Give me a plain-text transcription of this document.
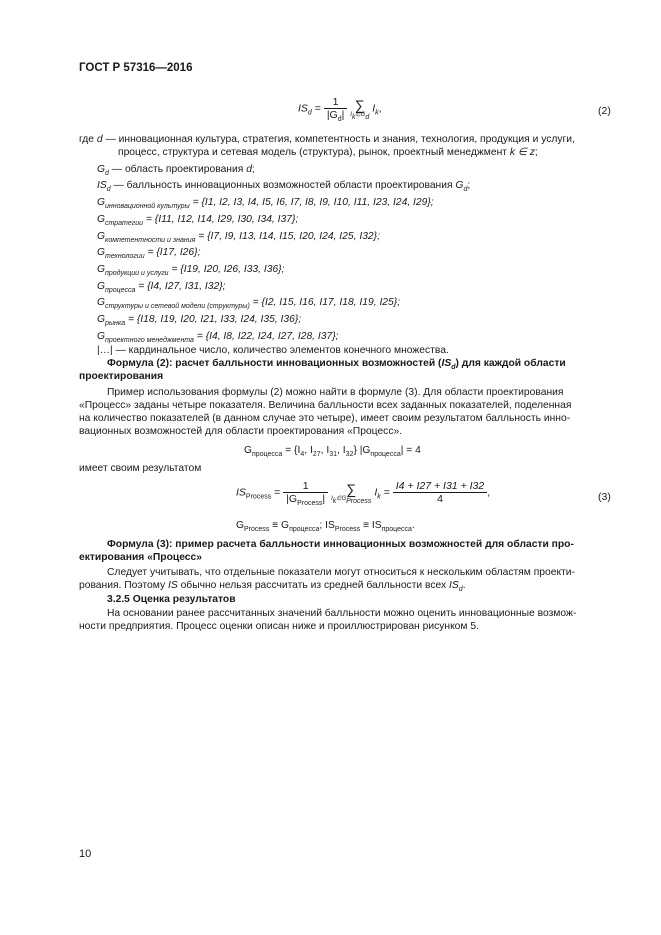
ГОСТ Р 57316—2016
$IS_d = \frac{1}{|G_d|}$ ∑
$I_k\in G_d$
$I_k$,	(2)
где d — инновационная культура, стратегия, компетентность и знания, технология, продукция и услуги,
процесс, структура и сетевая модель (структура), рынок, проектный менеджмент k ∈ z;
$G_d$ — область проектирования d;
$IS_d$ — балльность инновационных возможностей области проектирования $G_d$;
$G_{инновационной культуры} = \{I1$, I2, I3, I4, I5, I6, I7, I8, I9, I10, I11, I23, I24, I29};
$G_{стратегии} = \{I11$, I12, I14, I29, I30, I34, I37};
$G_{компетентности и знания} = \{I7$, I9, I13, I14, I15, I20, I24, I25, I32};
$G_{технологии} = \{I17$, I26};
$G_{продукции и услуги} = \{I19$, I20, I26, I33, I36};
$G_{процесса} = \{I4$, I27, I31, I32};
$G_{структуры и сетевой модели (структуры)} = \{I2$, I15, I16, I17, I18, I19, I25};
$G_{рынка} = \{I18$, I19, I20, I21, I33, I24, I35, I36};
$G_{проектного менеджмента} = \{I4$, I8, I22, I24, I27, I28, I37};
|…| — кардинальное число, количество элементов конечного множества.
Формула (2): расчет балльности инновационных возможностей $(IS_d)$ для каждой области
проектирования
Пример использования формулы (2) можно найти в формуле (3). Для области проектирования
«Процесс» заданы четыре показателя. Величина балльности всех заданных показателей, поделенная
на количество показателей (в данном случае это четыре), имеет своим результатом балльность инно-
вационных возможностей для области проектирования «Процесс».
$G_{процесса} = \{I_4$, $I_{27}$, $I_{31}$, $I_{32}$} $|G_{процесса}| = 4$
имеет своим результатом
$IS_{Process} = \frac{1}{|G_{Process}|}$ ∑
$I_k\in G_{Process}$
$I_k = \frac{I4 + I27 + I31 + I32}{4}$ ,	(3)
$G_{Process} \equiv G_{процесса}$; $IS_{Process} \equiv IS_{процесса}$.
Формула (3): пример расчета балльности инновационных возможностей для области про-
ектирования «Процесс»
Следует учитывать, что отдельные показатели могут относиться к нескольким областям проекти-
рования. Поэтому IS обычно нельзя рассчитать из средней балльности всех $IS_d$.
3.2.5 Оценка результатов
На основании ранее рассчитанных значений балльности можно оценить инновационные возмож-
ности предприятия. Процесс оценки описан ниже и проиллюстрирован рисунком 5.
10
